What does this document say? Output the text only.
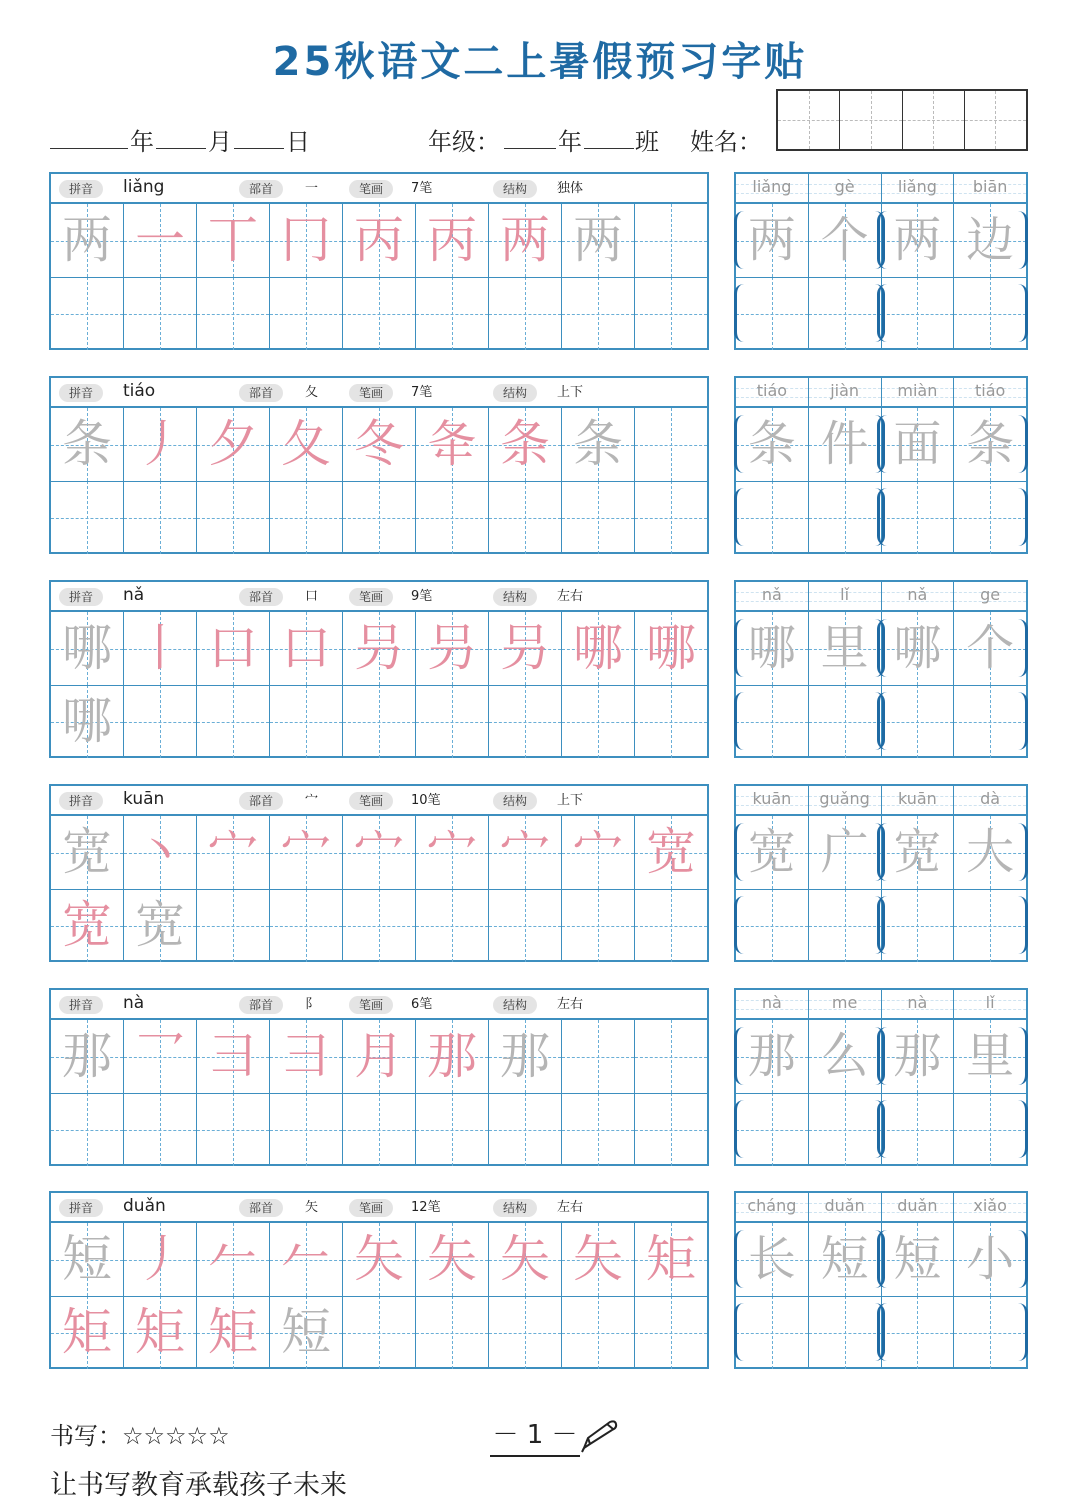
25秋语文二上暑假预习字贴
年 月 日	年级： 年 班 姓名：
拼音	liǎng	部首	一	笔画	7笔	结构	独体
两 一 丅 冂 丙 丙 两 两
liǎng	gè	liǎng	biān
两 个 两 边
拼音	tiáo	部首	夂	笔画	7笔	结构	上下
条 丿 夕 夂 冬 夅 条 条
tiáo	jiàn	miàn	tiáo
条 件 面 条
拼音	nǎ	部首	口	笔画	9笔	结构	左右
哪 丨 口 口 叧 叧 叧 哪 哪
哪
nǎ	lǐ	nǎ	ge
哪 里 哪 个
拼音	kuān	部首	宀	笔画	10笔	结构	上下
宽 丶 宀 宀 宀 宀 宀 宀 宽
宽 宽
kuān	guǎng	kuān	dà
宽 广 宽 大
拼音	nà	部首	阝	笔画	6笔	结构	左右
那 乛 彐 彐 月 那 那
nà	me	nà	lǐ
那 么 那 里
拼音	duǎn	部首	矢	笔画	12笔	结构	左右
短 丿 𠂉 𠂉 矢 矢 矢 矢 矩
矩 矩 矩 短
cháng	duǎn	duǎn	xiǎo
长 短 短 小
书写：☆☆☆☆☆	－ 1 －
让书写教育承载孩子未来
